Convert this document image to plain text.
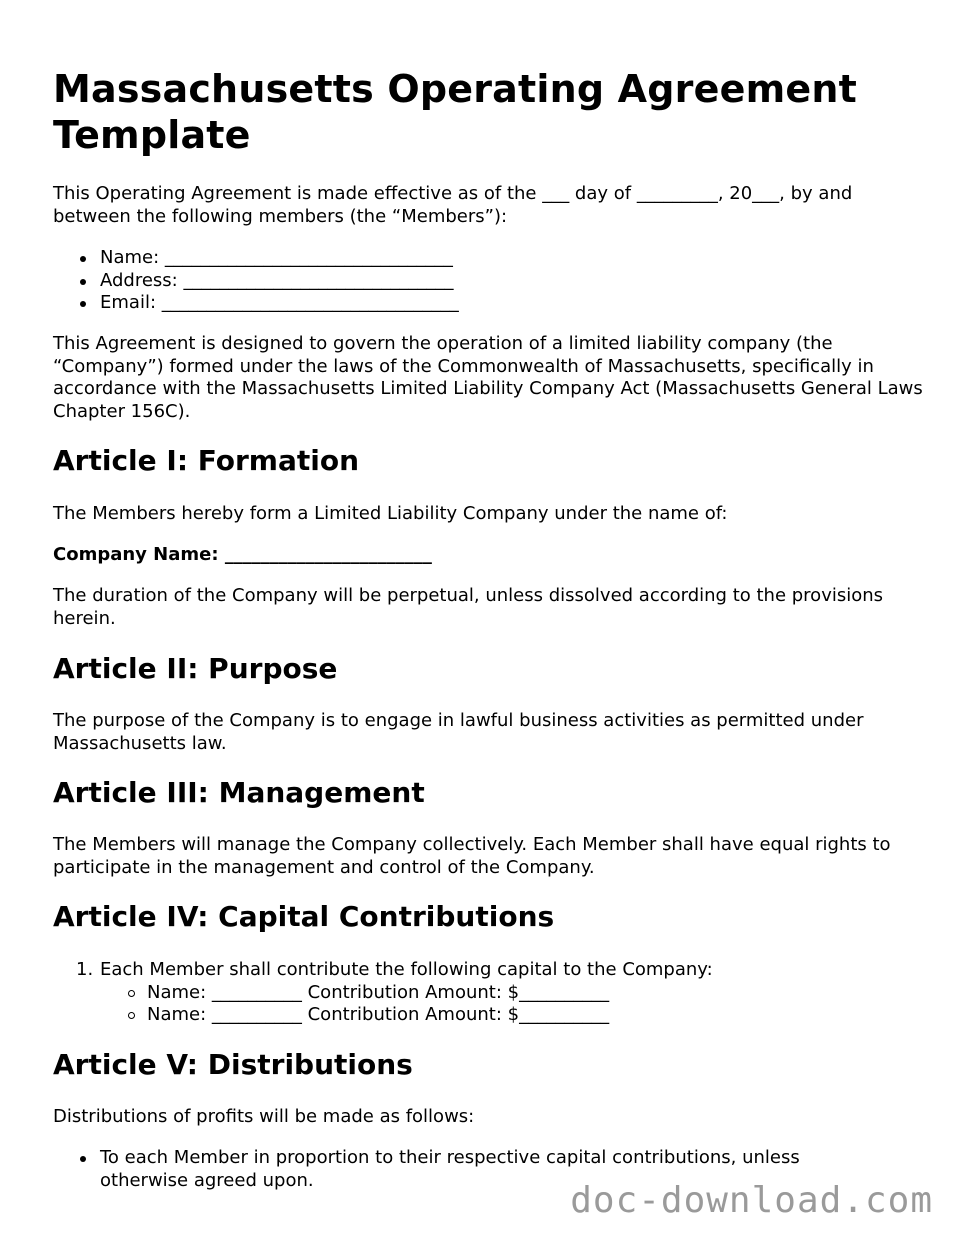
Massachusetts Operating Agreement Template

This Operating Agreement is made effective as of the ___ day of _________, 20___, by and between the following members (the “Members”):

Name: ________________________________
Address: ______________________________
Email: _________________________________

This Agreement is designed to govern the operation of a limited liability company (the “Company”) formed under the laws of the Commonwealth of Massachusetts, specifically in accordance with the Massachusetts Limited Liability Company Act (Massachusetts General Laws Chapter 156C).

Article I: Formation

The Members hereby form a Limited Liability Company under the name of:

Company Name: _______________________

The duration of the Company will be perpetual, unless dissolved according to the provisions herein.

Article II: Purpose

The purpose of the Company is to engage in lawful business activities as permitted under Massachusetts law.

Article III: Management

The Members will manage the Company collectively. Each Member shall have equal rights to participate in the management and control of the Company.

Article IV: Capital Contributions
1. Each Member shall contribute the following capital to the Company:
Name: __________ Contribution Amount: $__________
Name: __________ Contribution Amount: $__________
Article V: Distributions

Distributions of profits will be made as follows:

To each Member in proportion to their respective capital contributions, unless otherwise agreed upon.	doc-download.com
